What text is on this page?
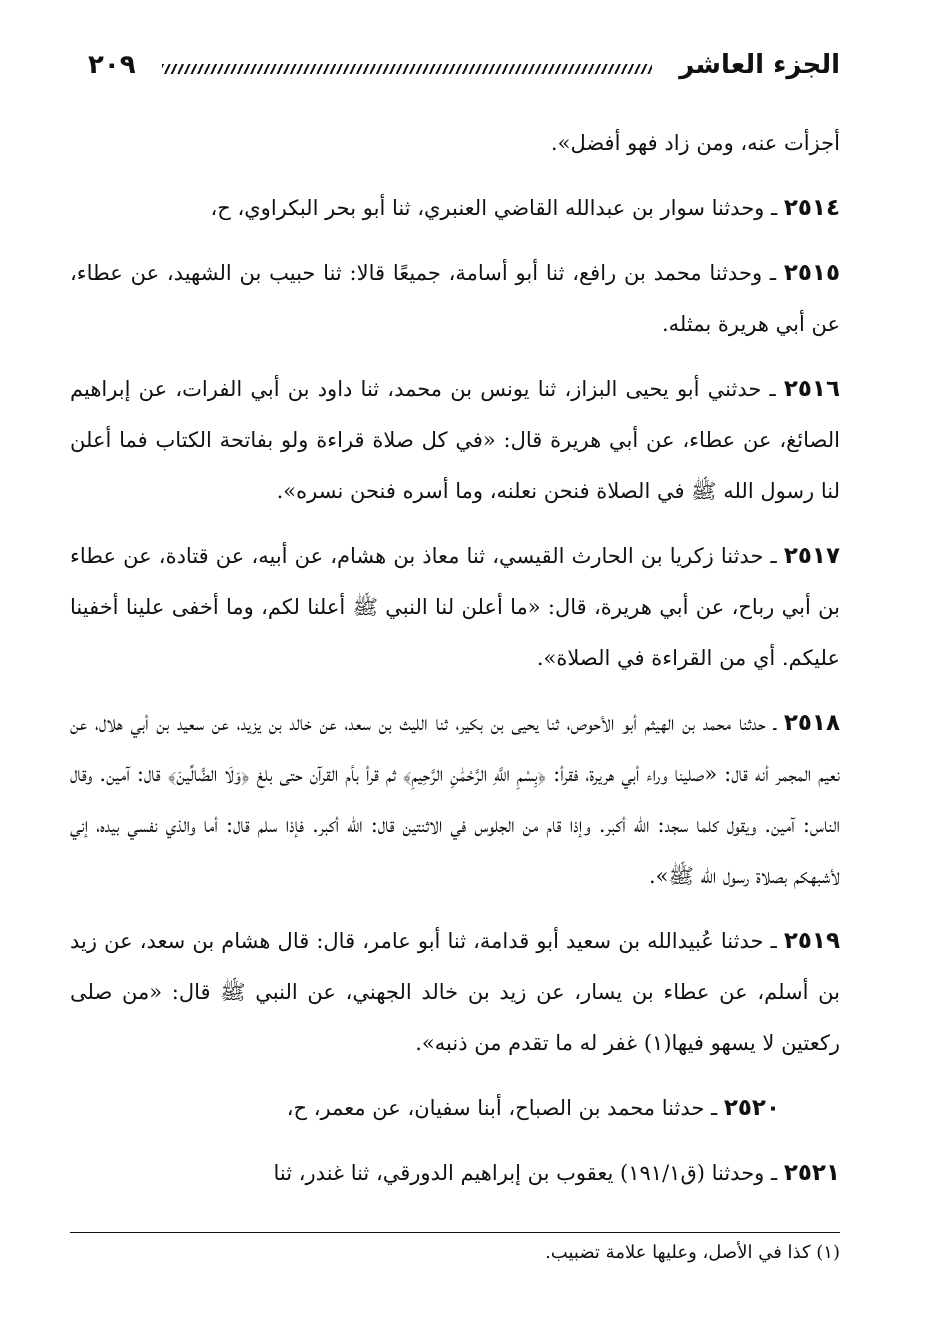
الجزء العاشر
٢٠٩

أجزأت عنه، ومن زاد فهو أفضل».

٢٥١٤ ـ وحدثنا سوار بن عبدالله القاضي العنبري، ثنا أبو بحر البكراوي، ح،

٢٥١٥ ـ وحدثنا محمد بن رافع، ثنا أبو أسامة، جميعًا قالا: ثنا حبيب بن الشهيد، عن عطاء، عن أبي هريرة بمثله.

٢٥١٦ ـ حدثني أبو يحيى البزاز، ثنا يونس بن محمد، ثنا داود بن أبي الفرات، عن إبراهيم الصائغ، عن عطاء، عن أبي هريرة قال: «في كل صلاة قراءة ولو بفاتحة الكتاب فما أعلن لنا رسول الله ﷺ في الصلاة فنحن نعلنه، وما أسره فنحن نسره».

٢٥١٧ ـ حدثنا زكريا بن الحارث القيسي، ثنا معاذ بن هشام، عن أبيه، عن قتادة، عن عطاء بن أبي رباح، عن أبي هريرة، قال: «ما أعلن لنا النبي ﷺ أعلنا لكم، وما أخفى علينا أخفينا عليكم. أي من القراءة في الصلاة».

٢٥١٨ ـ حدثنا محمد بن الهيثم أبو الأحوص، ثنا يحيى بن بكير، ثنا الليث بن سعد، عن خالد بن يزيد، عن سعيد بن أبي هلال، عن نعيم المجمر أنه قال: «صلينا وراء أبي هريرة، فقرأ: ﴿بِسْمِ اللَّهِ الرَّحْمَٰنِ الرَّحِيمِ﴾ ثم قرأ بأم القرآن حتى بلغ ﴿وَلَا الضَّالِّينَ﴾ قال: آمين. وقال الناس: آمين. ويقول كلما سجد: الله أكبر. وإذا قام من الجلوس في الاثنتين قال: الله أكبر. فإذا سلم قال: أما والذي نفسي بيده، إني لأشبهكم بصلاة رسول الله ﷺ».

٢٥١٩ ـ حدثنا عُبيدالله بن سعيد أبو قدامة، ثنا أبو عامر، قال: قال هشام بن سعد، عن زيد بن أسلم، عن عطاء بن يسار، عن زيد بن خالد الجهني، عن النبي ﷺ قال: «من صلى ركعتين لا يسهو فيها(١) غفر له ما تقدم من ذنبه».

٢٥٢٠ ـ حدثنا محمد بن الصباح، أبنا سفيان، عن معمر، ح،

٢٥٢١ ـ وحدثنا (ق١٩١/١) يعقوب بن إبراهيم الدورقي، ثنا غندر، ثنا

(١) كذا في الأصل، وعليها علامة تضبيب.
